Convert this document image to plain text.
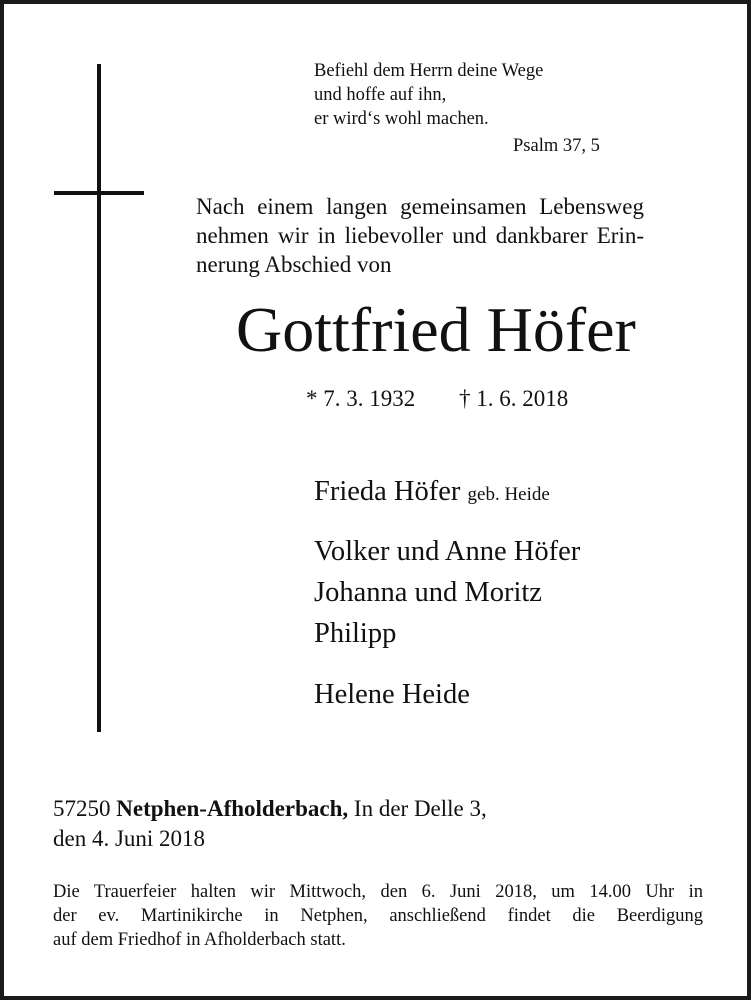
Befiehl dem Herrn deine Wege
und hoffe auf ihn,
er wird‘s wohl machen.
Psalm 37, 5
Nach einem langen gemeinsamen Lebensweg
nehmen wir in liebevoller und dankbarer Erin-
nerung Abschied von
Gottfried Höfer
* 7. 3. 1932 † 1. 6. 2018
Frieda Höfer geb. Heide
Volker und Anne Höfer
Johanna und Moritz
Philipp
Helene Heide
57250 Netphen-Afholderbach, In der Delle 3,
den 4. Juni 2018
Die Trauerfeier halten wir Mittwoch, den 6. Juni 2018, um 14.00 Uhr in
der ev. Martinikirche in Netphen, anschließend findet die Beerdigung
auf dem Friedhof in Afholderbach statt.
